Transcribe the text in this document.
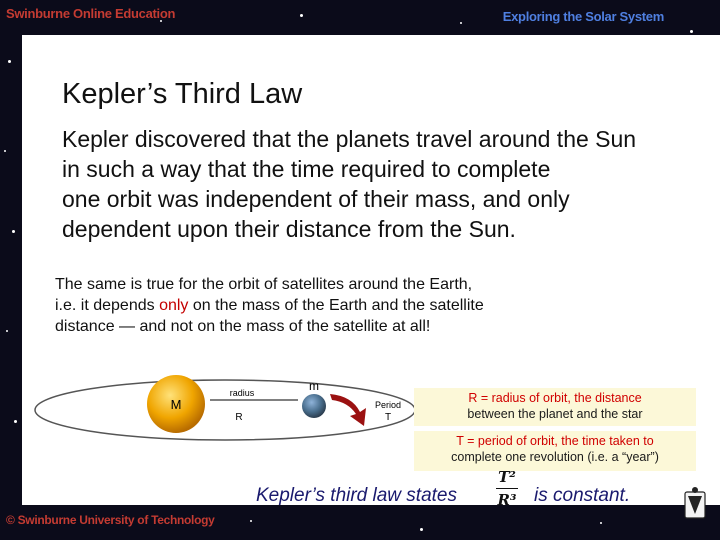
Swinburne Online Education	Exploring the Solar System
Kepler’s Third Law
Kepler discovered that the planets travel around the Sun
in such a way that the time required to complete
one orbit was independent of their mass, and only
dependent upon their distance from the Sun.
The same is true for the orbit of satellites around the Earth,
i.e. it depends only on the mass of the Earth and the satellite
distance — and not on the mass of the satellite at all!
M
radius
R
m
Period
T
R = radius of orbit, the distance
between the planet and the star
T = period of orbit, the time taken to
complete one revolution (i.e. a “year”)
Kepler’s third law states	$\frac{\text{T²}}{\text{R³}}$ is constant.
© Swinburne University of Technology
